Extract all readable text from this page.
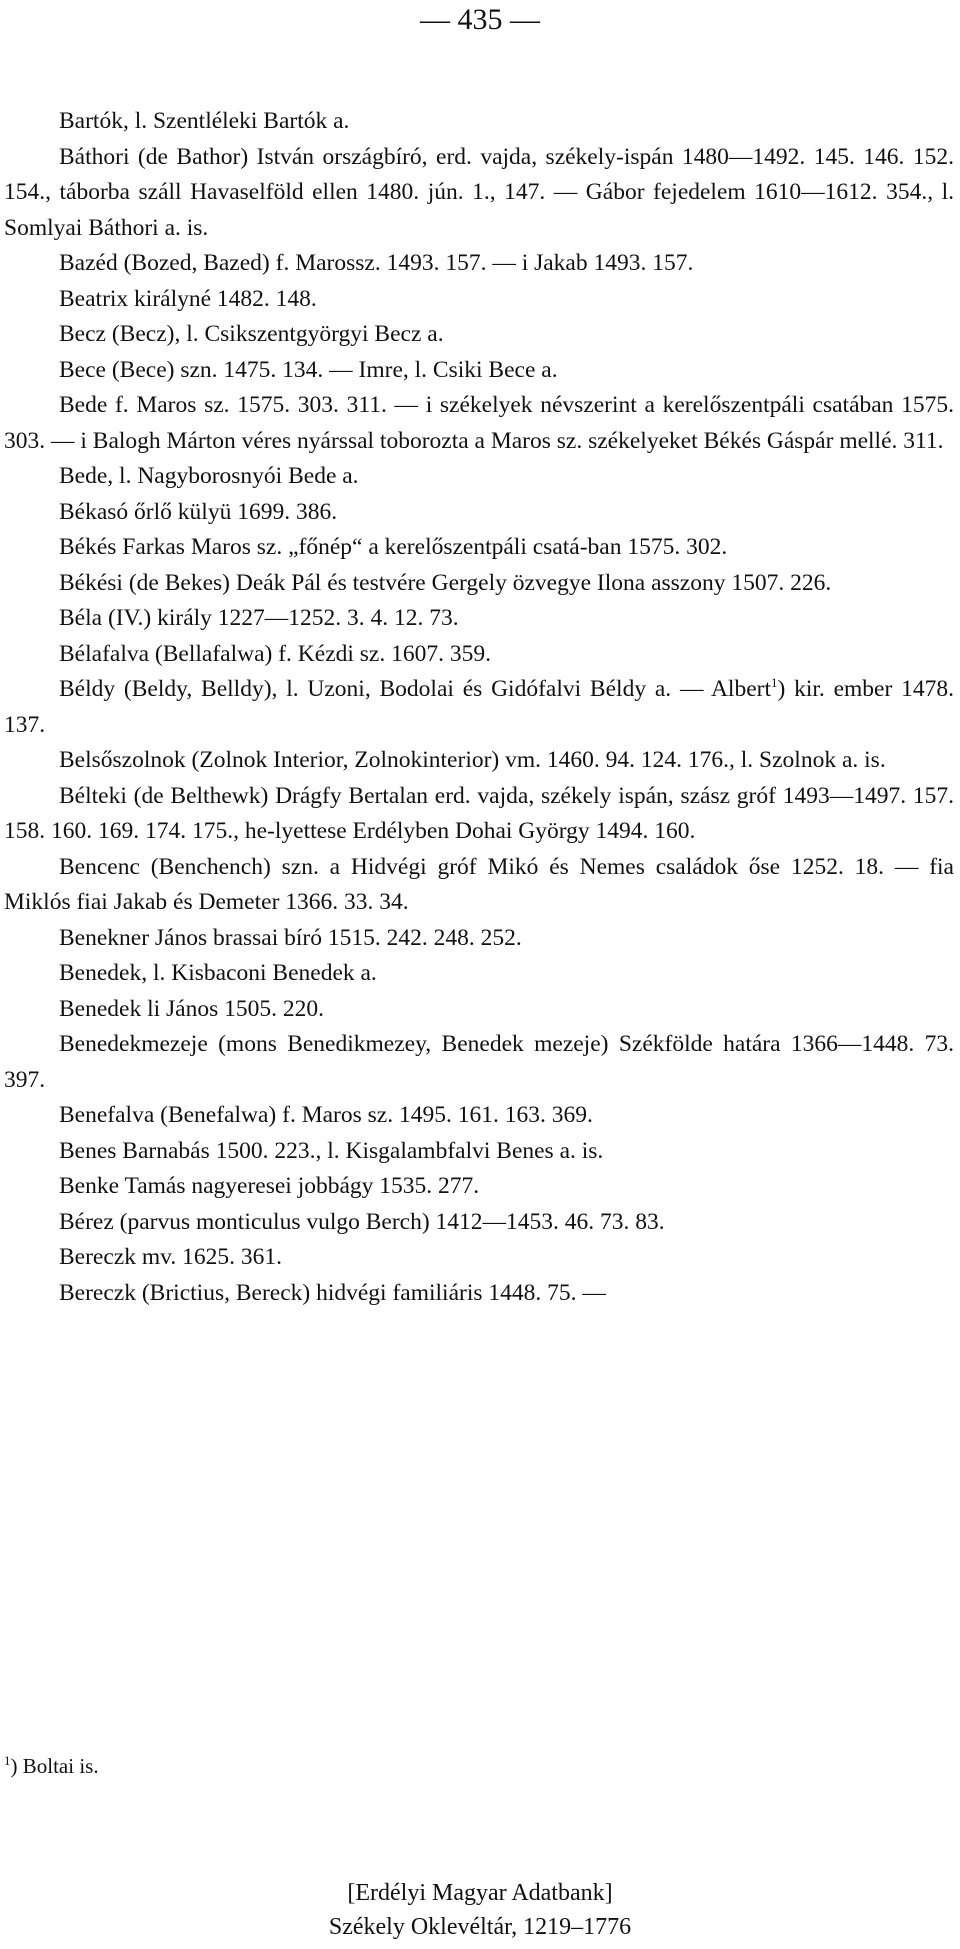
— 435 —

Bartók, l. Szentléleki Bartók a.

Báthori (de Bathor) István országbíró, erd. vajda, székely-ispán 1480—1492. 145. 146. 152. 154., táborba száll Havaselföld ellen 1480. jún. 1., 147. — Gábor fejedelem 1610—1612. 354., l. Somlyai Báthori a. is.

Bazéd (Bozed, Bazed) f. Marossz. 1493. 157. — i Jakab 1493. 157.

Beatrix királyné 1482. 148.

Becz (Becz), l. Csikszentgyörgyi Becz a.

Bece (Bece) szn. 1475. 134. — Imre, l. Csiki Bece a.

Bede f. Maros sz. 1575. 303. 311. — i székelyek névszerint a kerelőszentpáli csatában 1575. 303. — i Balogh Márton véres nyárssal toborozta a Maros sz. székelyeket Békés Gáspár mellé. 311.

Bede, l. Nagyborosnyói Bede a.

Békasó őrlő külyü 1699. 386.

Békés Farkas Maros sz. „főnép“ a kerelőszentpáli csatá-ban 1575. 302.

Békési (de Bekes) Deák Pál és testvére Gergely özvegye Ilona asszony 1507. 226.

Béla (IV.) király 1227—1252. 3. 4. 12. 73.

Bélafalva (Bellafalwa) f. Kézdi sz. 1607. 359.

Béldy (Beldy, Belldy), l. Uzoni, Bodolai és Gidófalvi Béldy a. — Albert$^1$) kir. ember 1478. 137.

Belsőszolnok (Zolnok Interior, Zolnokinterior) vm. 1460. 94. 124. 176., l. Szolnok a. is.

Bélteki (de Belthewk) Drágfy Bertalan erd. vajda, székely ispán, szász gróf 1493—1497. 157. 158. 160. 169. 174. 175., he-lyettese Erdélyben Dohai György 1494. 160.

Bencenc (Benchench) szn. a Hidvégi gróf Mikó és Nemes családok őse 1252. 18. — fia Miklós fiai Jakab és Demeter 1366. 33. 34.

Benekner János brassai bíró 1515. 242. 248. 252.

Benedek, l. Kisbaconi Benedek a.

Benedek li János 1505. 220.

Benedekmezeje (mons Benedikmezey, Benedek mezeje) Székfölde határa 1366—1448. 73. 397.

Benefalva (Benefalwa) f. Maros sz. 1495. 161. 163. 369.

Benes Barnabás 1500. 223., l. Kisgalambfalvi Benes a. is.

Benke Tamás nagyeresei jobbágy 1535. 277.

Bérez (parvus monticulus vulgo Berch) 1412—1453. 46. 73. 83.

Bereczk mv. 1625. 361.

Bereczk (Brictius, Bereck) hidvégi familiáris 1448. 75. —

$^1$) Boltai is.
[Erdélyi Magyar Adatbank]
Székely Oklevéltár, 1219–1776
